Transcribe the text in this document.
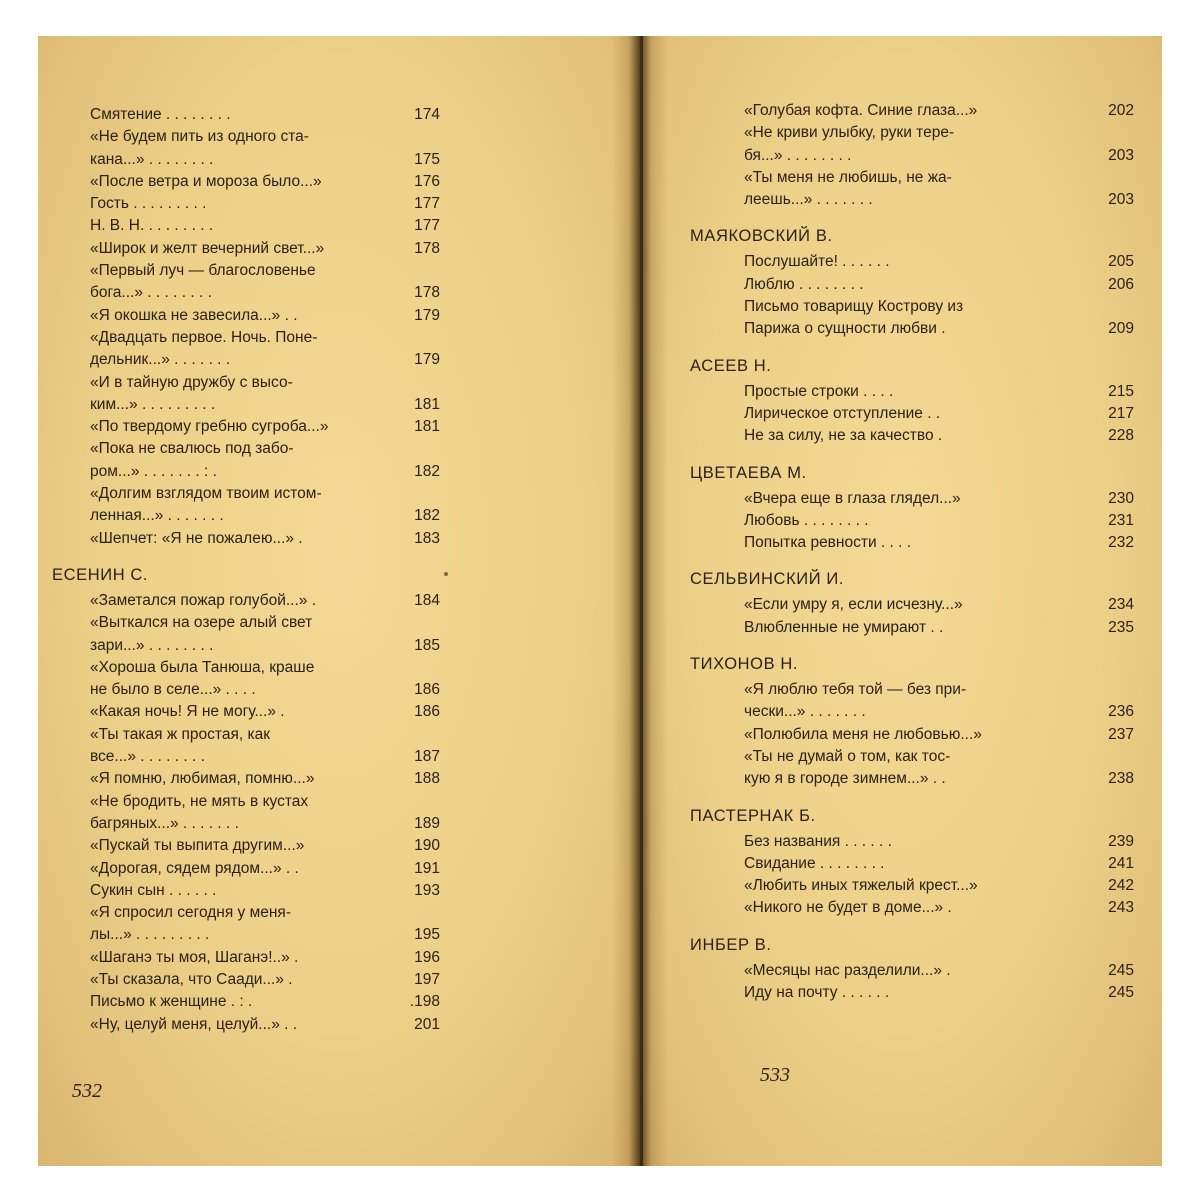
Смятение . . . . . . . .	174
«Не будем пить из одного ста-
кана...» . . . . . . . .	175
«После ветра и мороза было...»	176
Гость . . . . . . . . .	177
Н. В. Н. . . . . . . . .	177
«Широк и желт вечерний свет...»	178
«Первый луч — благословенье
бога...» . . . . . . . .	178
«Я окошка не завесила...» . .	179
«Двадцать первое. Ночь. Поне-
дельник...» . . . . . . .	179
«И в тайную дружбу с высо-
ким...» . . . . . . . . .	181
«По твердому гребню сугроба...»	181
«Пока не свалюсь под забо-
ром...» . . . . . . . : .	182
«Долгим взглядом твоим истом-
ленная...» . . . . . . .	182
«Шепчет: «Я не пожалею...» .	183
ЕСЕНИН С.
«Заметался пожар голубой...» .	184
«Выткался на озере алый свет
зари...» . . . . . . . .	185
«Хороша была Танюша, краше
не было в селе...» . . . .	186
«Какая ночь! Я не могу...» .	186
«Ты такая ж простая, как
все...» . . . . . . . .	187
«Я помню, любимая, помню...»	188
«Не бродить, не мять в кустах
багряных...» . . . . . . .	189
«Пускай ты выпита другим...»	190
«Дорогая, сядем рядом...» . .	191
Сукин сын . . . . . .	193
«Я спросил сегодня у меня-
лы...» . . . . . . . . .	195
«Шаганэ ты моя, Шаганэ!..» .	196
«Ты сказала, что Саади...» .	197
Письмо к женщине . : .	.198
«Ну, целуй меня, целуй...» . .	201
532
«Голубая кофта. Синие глаза...»	202
«Не криви улыбку, руки тере-
бя...» . . . . . . . .	203
«Ты меня не любишь, не жа-
леешь...» . . . . . . .	203
МАЯКОВСКИЙ В.
Послушайте! . . . . . .	205
Люблю . . . . . . . .	206
Письмо товарищу Кострову из
Парижа о сущности любви .	209
АСЕЕВ Н.
Простые строки . . . .	215
Лирическое отступление . .	217
Не за силу, не за качество .	228
ЦВЕТАЕВА М.
«Вчера еще в глаза глядел...»	230
Любовь . . . . . . . .	231
Попытка ревности . . . .	232
СЕЛЬВИНСКИЙ И.
«Если умру я, если исчезну...»	234
Влюбленные не умирают . .	235
ТИХОНОВ Н.
«Я люблю тебя той — без при-
чески...» . . . . . . .	236
«Полюбила меня не любовью...»	237
«Ты не думай о том, как тос-
кую я в городе зимнем...» . .	238
ПАСТЕРНАК Б.
Без названия . . . . . .	239
Свидание . . . . . . . .	241
«Любить иных тяжелый крест...»	242
«Никого не будет в доме...» .	243
ИНБЕР В.
«Месяцы нас разделили...» .	245
Иду на почту . . . . . .	245
533
